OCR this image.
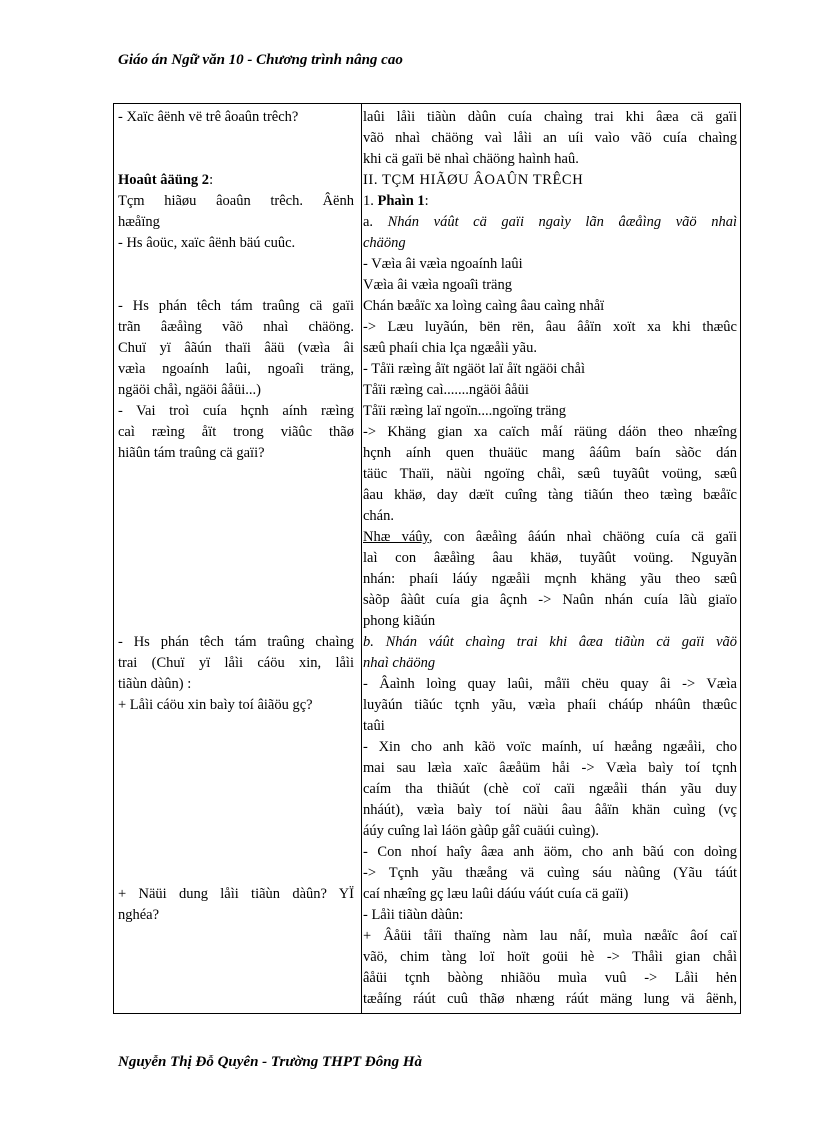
Giáo án Ngữ văn 10 - Chương trình nâng cao
- Xaïc âënh vë trê âoaûn trêch?
Hoaût âäüng 2:
Tçm hiãøu âoaûn trêch. Âënh
hæåïng
- Hs âoüc, xaïc âënh bäú cuûc.
- Hs phán têch tám traûng cä gaïi
trãn âæåìng vãö nhaì chäöng.
Chuï yï âãún thaïi âäü (væìa âi
væìa ngoaính laûi, ngoaîi träng,
ngäöi chåì, ngäöi âåüi...)
- Vai troì cuía hçnh aính ræìng
caì ræìng åït trong viãûc thãø
hiãûn tám traûng cä gaïi?
- Hs phán têch tám traûng chaìng
trai (Chuï yï låìi cáöu xin, låìi
tiãùn dàûn) :
+ Låìi cáöu xin baìy toí âiãöu gç?
+ Näüi dung låìi tiãùn dàûn? YÏ
nghéa?
laûi låìi tiãùn dàûn cuía chaìng trai khi âæa cä gaïi
vãö nhaì chäöng vaì låìi an uíi vaìo vãö cuía chaìng
khi cä gaïi bë nhaì chäöng haình haû.
II. TÇM HIÃØU ÂOAÛN TRÊCH
1. Phaìn 1:
a. Nhán váût cä gaïi ngaìy lãn âæåìng vãö nhaì
chäöng
- Væìa âi væìa ngoaính laûi
Væìa âi væìa ngoaîi träng
Chán bæåïc xa loìng caìng âau caìng nhåï
-> Læu luyãún, bën rën, âau âåïn xoït xa khi thæûc
sæû phaíi chia lça ngæåìi yãu.
- Tåïi ræìng åït ngäöt laï åït ngäöi chåì
Tåïi ræìng caì.......ngäöi âåüi
Tåïi ræìng laï ngoïn....ngoïng träng
-> Khäng gian xa caïch måí räüng dáön theo nhæîng
hçnh aính quen thuäüc mang âáûm baín sàõc dán
täüc Thaïi, näùi ngoïng chåì, sæû tuyãût voüng, sæû
âau khäø, day dæït cuîng tàng tiãún theo tæìng bæåïc
chán.
Nhæ váûy, con âæåìng âáún nhaì chäöng cuía cä gaïi
laì con âæåìng âau khäø, tuyãût voüng. Nguyãn
nhán: phaíi láúy ngæåìi mçnh khäng yãu theo sæû
sàõp âàût cuía gia âçnh -> Naûn nhán cuía lãù giaïo
phong kiãún
b. Nhán váût chaìng trai khi âæa tiãùn cä gaïi vãö
nhaì chäöng
- Âaình loìng quay laûi, måïi chëu quay âi -> Væìa
luyãún tiãúc tçnh yãu, væìa phaíi cháúp nháûn thæûc
taûi
- Xin cho anh kãö voïc maính, uí hæång ngæåìi, cho
mai sau læìa xaïc âæåüm håi -> Væìa baìy toí tçnh
caím tha thiãút (chè coï caïi ngæåìi thán yãu duy
nháút), væìa baìy toí näùi âau âåïn khän cuìng (vç
áúy cuîng laì láön gàûp gåî cuäúi cuìng).
- Con nhoí haîy âæa anh äöm, cho anh bãú con doìng
-> Tçnh yãu thæång vä cuìng sáu nàûng (Yãu táút
caí nhæîng gç læu laûi dáúu váút cuía cä gaïi)
- Låìi tiãùn dàûn:
+ Âåüi tåïi thaïng nàm lau nåí, muìa næåïc âoí caï
vãö, chim tàng loï hoït goüi hè -> Thåìi gian chåì
âåüi tçnh bàòng nhiãöu muìa vuû -> Låìi hẻn
tæåíng ráút cuû thãø nhæng ráút mäng lung vä âënh,
Nguyễn Thị Đỗ Quyên - Trường THPT Đông Hà
